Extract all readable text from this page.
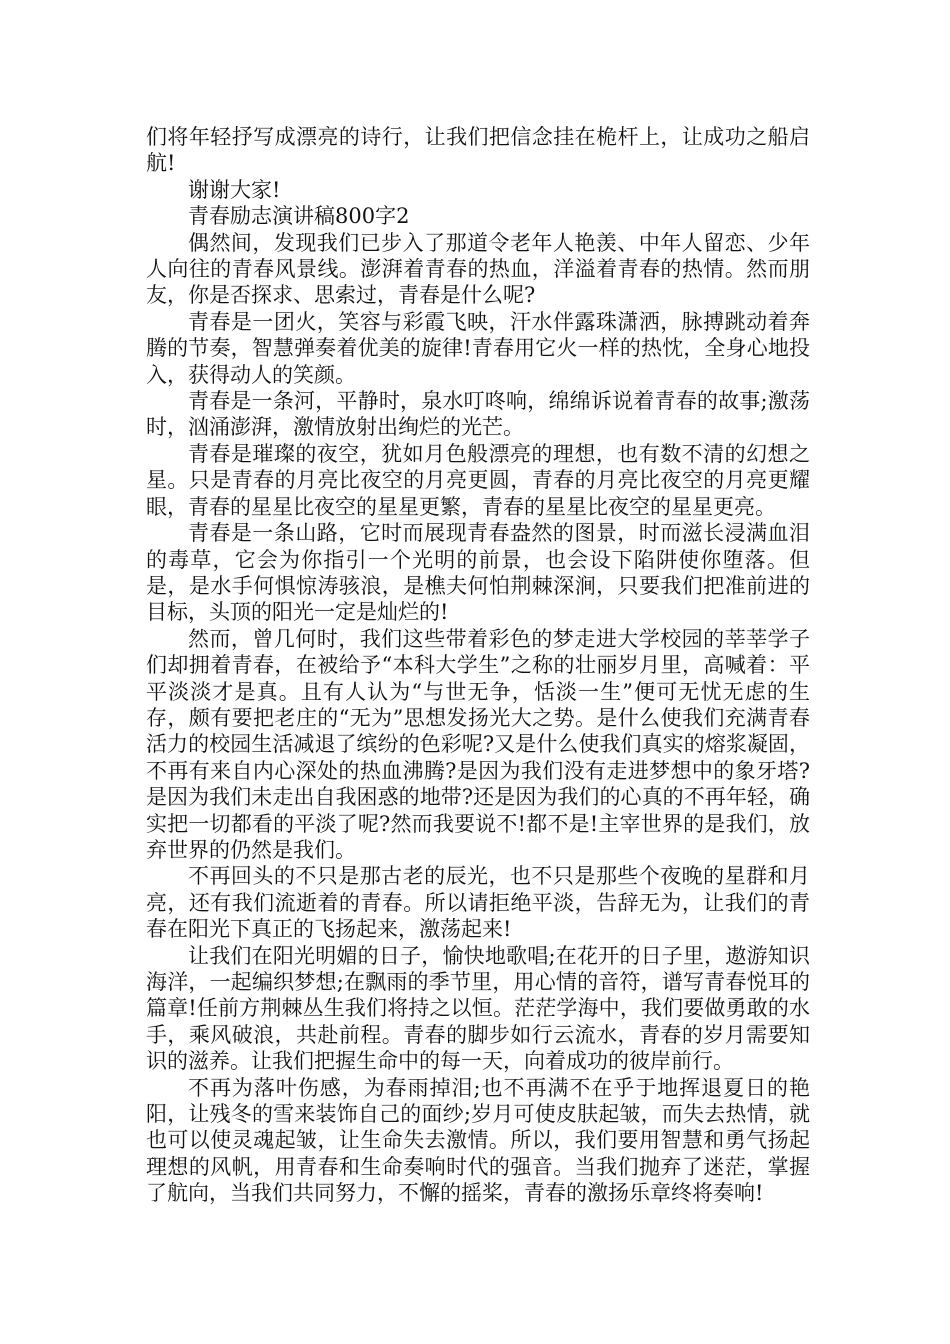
们将年轻抒写成漂亮的诗行，让我们把信念挂在桅杆上，让成功之船启航!

谢谢大家!

青春励志演讲稿800字2

偶然间，发现我们已步入了那道令老年人艳羡、中年人留恋、少年人向往的青春风景线。澎湃着青春的热血，洋溢着青春的热情。然而朋友，你是否探求、思索过，青春是什么呢?

青春是一团火，笑容与彩霞飞映，汗水伴露珠潇洒，脉搏跳动着奔腾的节奏，智慧弹奏着优美的旋律!青春用它火一样的热忱，全身心地投入，获得动人的笑颜。

青春是一条河，平静时，泉水叮咚响，绵绵诉说着青春的故事;激荡时，汹涌澎湃，激情放射出绚烂的光芒。

青春是璀璨的夜空，犹如月色般漂亮的理想，也有数不清的幻想之星。只是青春的月亮比夜空的月亮更圆，青春的月亮比夜空的月亮更耀眼，青春的星星比夜空的星星更繁，青春的星星比夜空的星星更亮。

青春是一条山路，它时而展现青春盎然的图景，时而滋长浸满血泪的毒草，它会为你指引一个光明的前景，也会设下陷阱使你堕落。但是，是水手何惧惊涛骇浪，是樵夫何怕荆棘深涧，只要我们把准前进的目标，头顶的阳光一定是灿烂的!

然而，曾几何时，我们这些带着彩色的梦走进大学校园的莘莘学子们却拥着青春，在被给予“本科大学生”之称的壮丽岁月里，高喊着：平平淡淡才是真。且有人认为“与世无争，恬淡一生”便可无忧无虑的生存，颇有要把老庄的“无为”思想发扬光大之势。是什么使我们充满青春活力的校园生活减退了缤纷的色彩呢?又是什么使我们真实的熔浆凝固，不再有来自内心深处的热血沸腾?是因为我们没有走进梦想中的象牙塔?是因为我们未走出自我困惑的地带?还是因为我们的心真的不再年轻，确实把一切都看的平淡了呢?然而我要说不!都不是!主宰世界的是我们，放弃世界的仍然是我们。

不再回头的不只是那古老的辰光，也不只是那些个夜晚的星群和月亮，还有我们流逝着的青春。所以请拒绝平淡，告辞无为，让我们的青春在阳光下真正的飞扬起来，激荡起来!

让我们在阳光明媚的日子，愉快地歌唱;在花开的日子里，遨游知识海洋，一起编织梦想;在飘雨的季节里，用心情的音符，谱写青春悦耳的篇章!任前方荆棘丛生我们将持之以恒。茫茫学海中，我们要做勇敢的水手，乘风破浪，共赴前程。青春的脚步如行云流水，青春的岁月需要知识的滋养。让我们把握生命中的每一天，向着成功的彼岸前行。

不再为落叶伤感，为春雨掉泪;也不再满不在乎于地挥退夏日的艳阳，让残冬的雪来装饰自己的面纱;岁月可使皮肤起皱，而失去热情，就也可以使灵魂起皱，让生命失去激情。所以，我们要用智慧和勇气扬起理想的风帆，用青春和生命奏响时代的强音。当我们抛弃了迷茫，掌握了航向，当我们共同努力，不懈的摇桨，青春的激扬乐章终将奏响!
